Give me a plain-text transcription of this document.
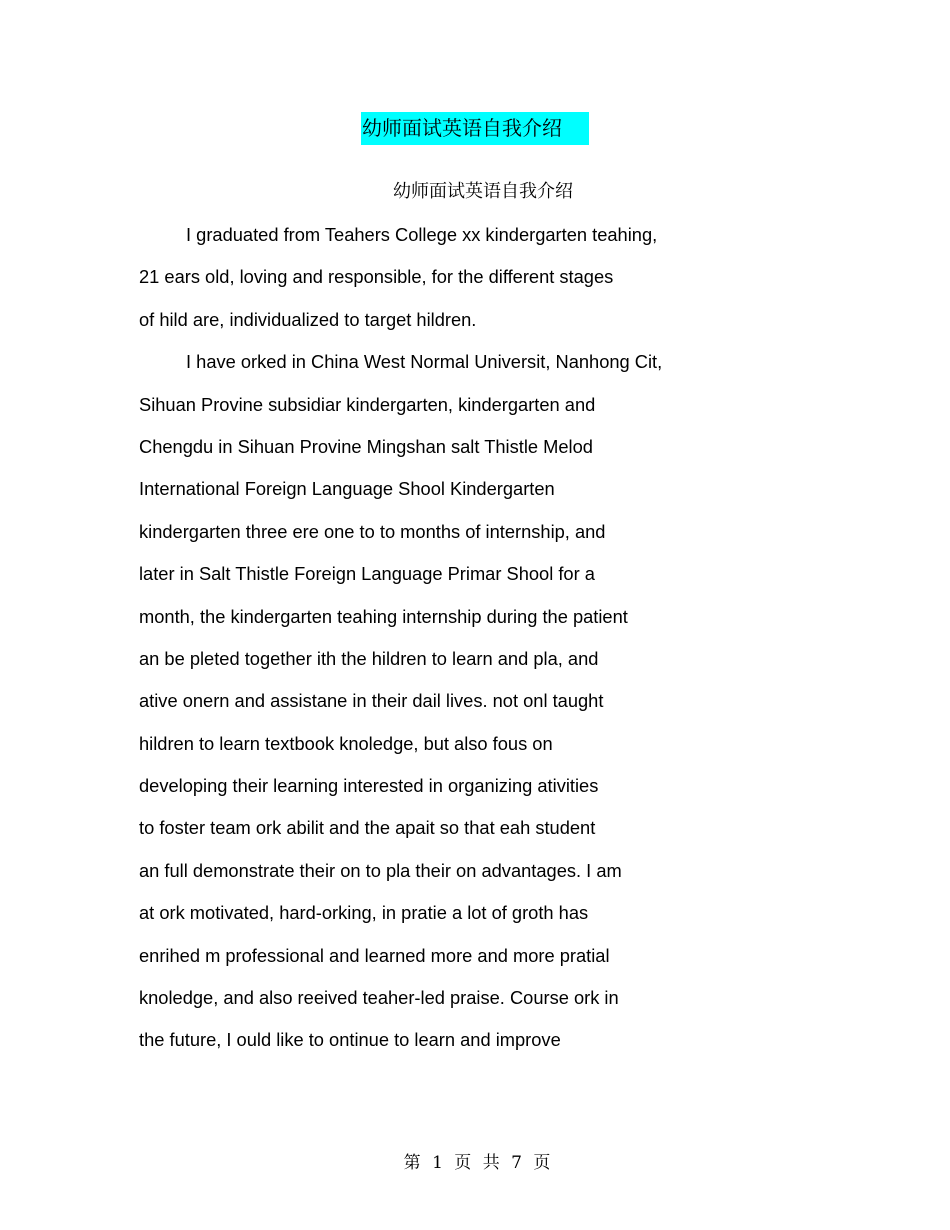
幼师面试英语自我介绍
幼师面试英语自我介绍
I graduated from Teahers College xx kindergarten teahing,
21 ears old, loving and responsible, for the different stages
of hild are, individualized to target hildren.
I have orked in China West Normal Universit, Nanhong Cit,
Sihuan Provine subsidiar kindergarten, kindergarten and
Chengdu in Sihuan Provine Mingshan salt Thistle Melod
International Foreign Language Shool Kindergarten
kindergarten three ere one to to months of internship, and
later in Salt Thistle Foreign Language Primar Shool for a
month, the kindergarten teahing internship during the patient
an be pleted together ith the hildren to learn and pla, and
ative onern and assistane in their dail lives. not onl taught
hildren to learn textbook knoledge, but also fous on
developing their learning interested in organizing ativities
to foster team ork abilit and the apait so that eah student
an full demonstrate their on to pla their on advantages. I am
at ork motivated, hard-orking, in pratie a lot of groth has
enrihed m professional and learned more and more pratial
knoledge, and also reeived teaher-led praise. Course ork in
the future, I ould like to ontinue to learn and improve
第 1 页 共 7 页
